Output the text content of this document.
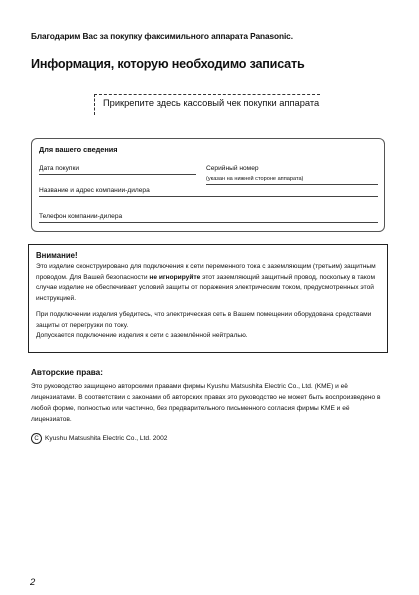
Благодарим Вас за покупку факсимильного аппарата Panasonic.
Информация, которую необходимо записать
Прикрепите здесь кассовый чек покупки аппарата
Для вашего сведения
Дата покупки	Серийный номер
(указан на нижней стороне аппарата)
Название и адрес компании-дилера
Телефон компании-дилера
Внимание!

Это изделие сконструировано для подключения к сети переменного тока с заземляющим (третьим) защитным проводом. Для Вашей безопасности не игнорируйте этот заземляющий защитный провод, поскольку в таком случае изделие не обеспечивает условий защиты от поражения электрическим током, предусмотренных этой инструкцией.

При подключении изделия убедитесь, что электрическая сеть в Вашем помещении оборудована средствами защиты от перегрузки по току.
Допускается подключение изделия к сети с заземлённой нейтралью.

Авторские права:
Это руководство защищено авторскими правами фирмы Kyushu Matsushita Electric Co., Ltd. (KME) и её лицензиатами. В соответствии с законами об авторских правах это руководство не может быть воспроизведено в любой форме, полностью или частично, без предварительного письменного согласия фирмы KME и её лицензиатов.
C Kyushu Matsushita Electric Co., Ltd. 2002
2
